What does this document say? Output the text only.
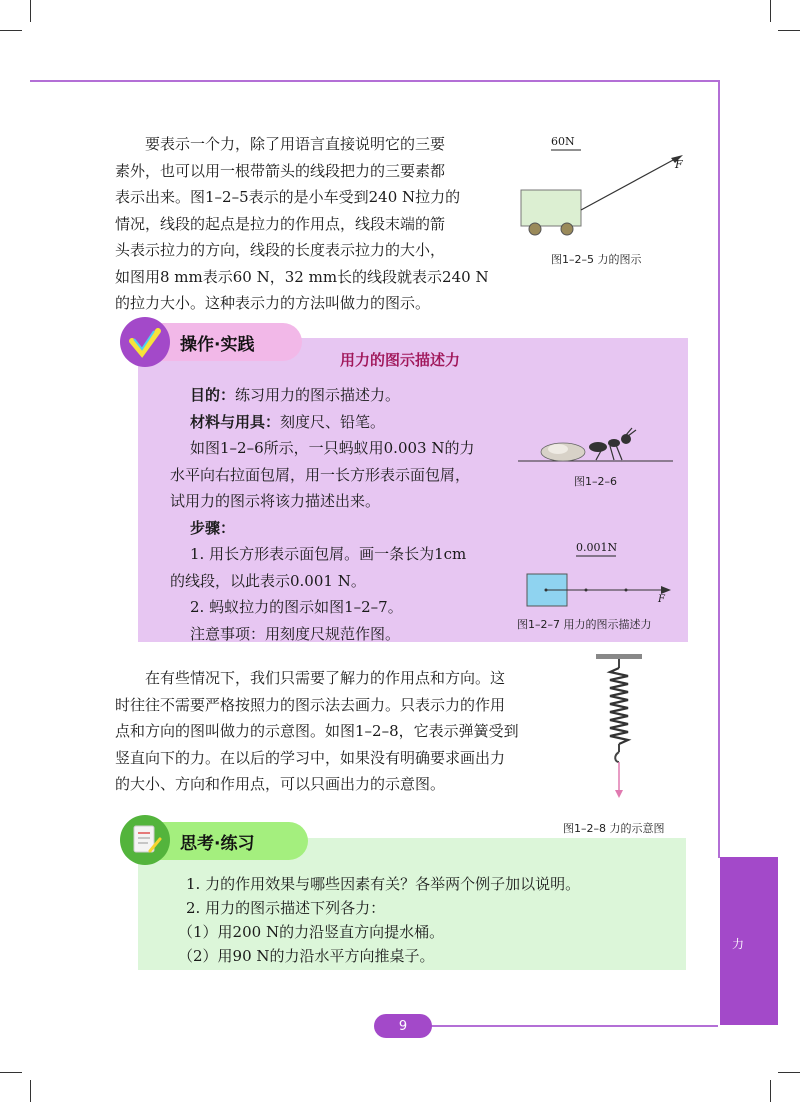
要表示一个力，除了用语言直接说明它的三要
素外，也可以用一根带箭头的线段把力的三要素都
表示出来。图1–2–5表示的是小车受到240 N拉力的
情况，线段的起点是拉力的作用点，线段末端的箭
头表示拉力的方向，线段的长度表示拉力的大小，
如图用8 mm表示60 N，32 mm长的线段就表示240 N
的拉力大小。这种表示力的方法叫做力的图示。
60N
F
图1–2–5 力的图示
操作·实践
用力的图示描述力
目的：练习用力的图示描述力。
材料与用具：刻度尺、铅笔。
如图1–2–6所示，一只蚂蚁用0.003 N的力
水平向右拉面包屑，用一长方形表示面包屑，
试用力的图示将该力描述出来。
步骤：
1. 用长方形表示面包屑。画一条长为1cm
的线段，以此表示0.001 N。
2. 蚂蚁拉力的图示如图1–2–7。
注意事项：用刻度尺规范作图。
图1–2–6
0.001N
F
图1–2–7 用力的图示描述力
在有些情况下，我们只需要了解力的作用点和方向。这
时往往不需要严格按照力的图示法去画力。只表示力的作用
点和方向的图叫做力的示意图。如图1–2–8，它表示弹簧受到
竖直向下的力。在以后的学习中，如果没有明确要求画出力
的大小、方向和作用点，可以只画出力的示意图。
图1–2–8 力的示意图
思考·练习
1. 力的作用效果与哪些因素有关？各举两个例子加以说明。
2. 用力的图示描述下列各力：
（1）用200 N的力沿竖直方向提水桶。
（2）用90 N的力沿水平方向推桌子。
力
9
